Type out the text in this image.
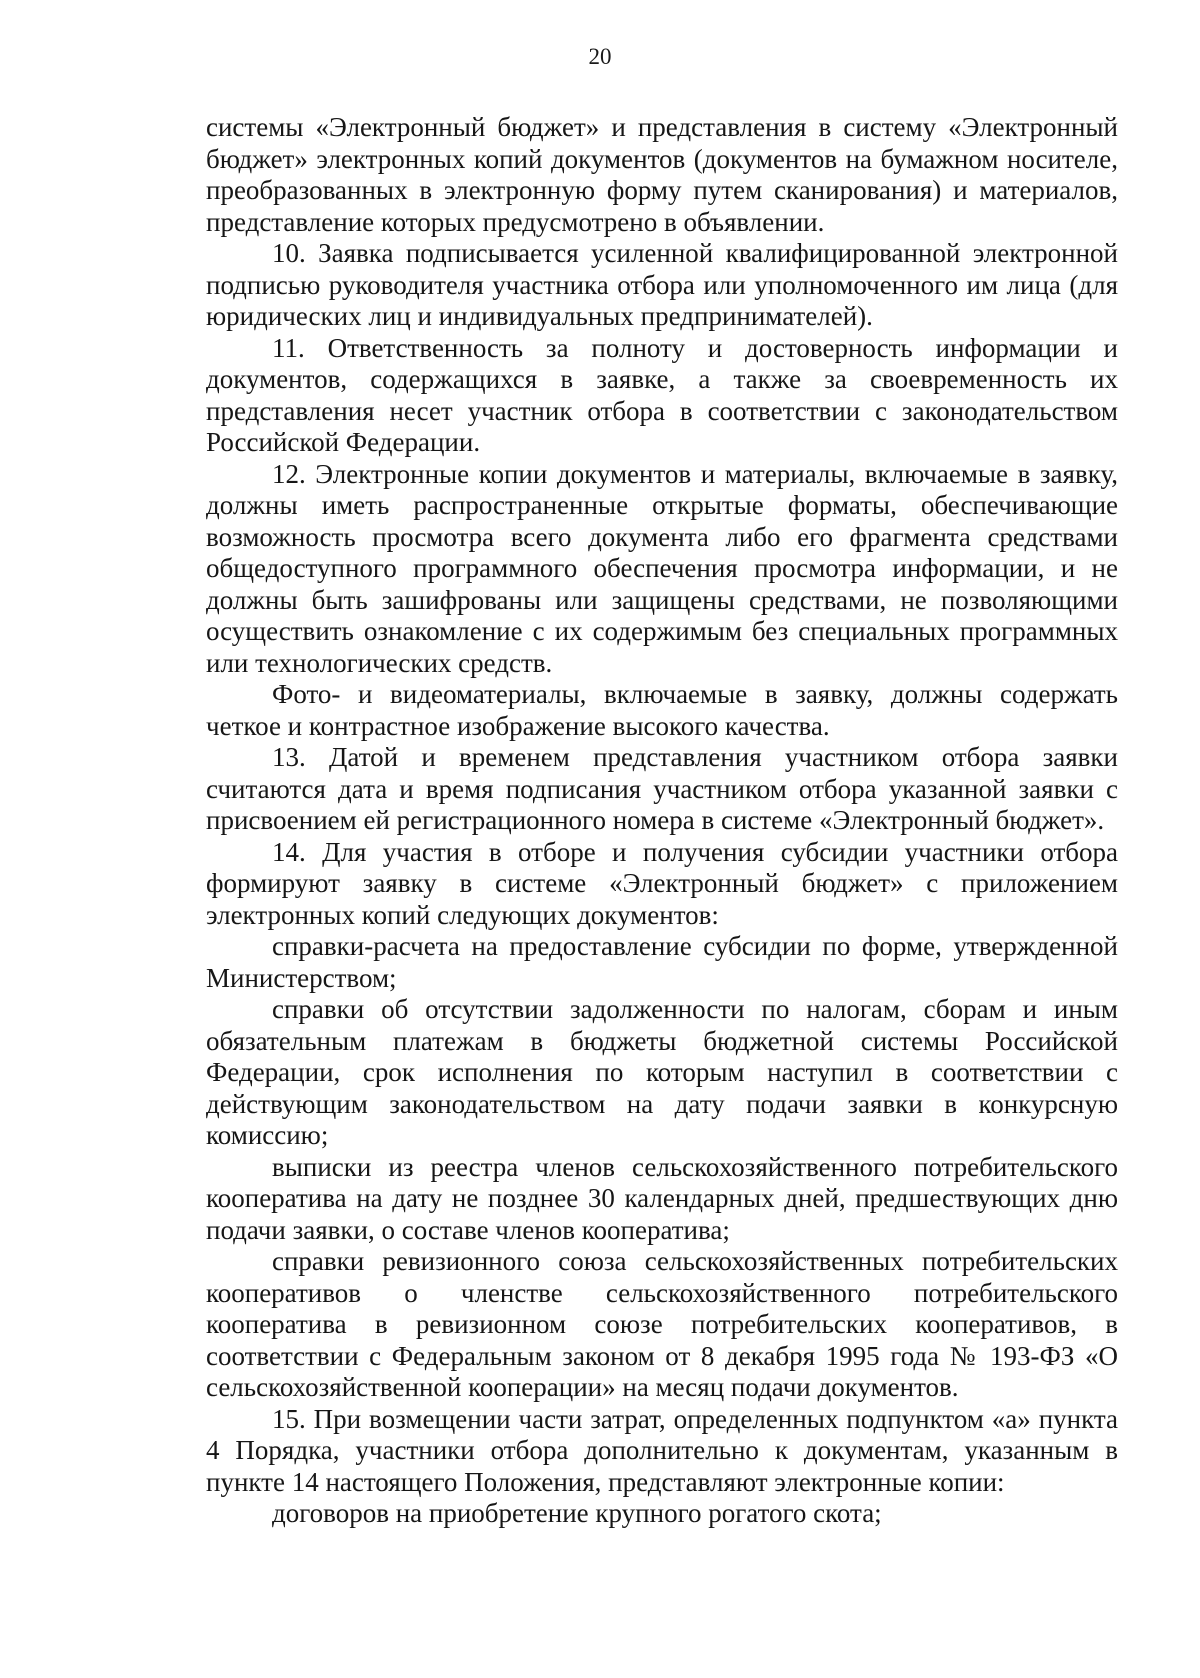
20

системы «Электронный бюджет» и представления в систему «Электронный бюджет» электронных копий документов (документов на бумажном носителе, преобразованных в электронную форму путем сканирования) и материалов, представление которых предусмотрено в объявлении.

10. Заявка подписывается усиленной квалифицированной электронной подписью руководителя участника отбора или уполномоченного им лица (для юридических лиц и индивидуальных предпринимателей).

11. Ответственность за полноту и достоверность информации и документов, содержащихся в заявке, а также за своевременность их представления несет участник отбора в соответствии с законодательством Российской Федерации.

12. Электронные копии документов и материалы, включаемые в заявку, должны иметь распространенные открытые форматы, обеспечивающие возможность просмотра всего документа либо его фрагмента средствами общедоступного программного обеспечения просмотра информации, и не должны быть зашифрованы или защищены средствами, не позволяющими осуществить ознакомление с их содержимым без специальных программных или технологических средств.

Фото- и видеоматериалы, включаемые в заявку, должны содержать четкое и контрастное изображение высокого качества.

13. Датой и временем представления участником отбора заявки считаются дата и время подписания участником отбора указанной заявки с присвоением ей регистрационного номера в системе «Электронный бюджет».

14. Для участия в отборе и получения субсидии участники отбора формируют заявку в системе «Электронный бюджет» с приложением электронных копий следующих документов:

справки-расчета на предоставление субсидии по форме, утвержденной Министерством;

справки об отсутствии задолженности по налогам, сборам и иным обязательным платежам в бюджеты бюджетной системы Российской Федерации, срок исполнения по которым наступил в соответствии с действующим законодательством на дату подачи заявки в конкурсную комиссию;

выписки из реестра членов сельскохозяйственного потребительского кооператива на дату не позднее 30 календарных дней, предшествующих дню подачи заявки, о составе членов кооператива;

справки ревизионного союза сельскохозяйственных потребительских кооперативов о членстве сельскохозяйственного потребительского кооператива в ревизионном союзе потребительских кооперативов, в соответствии с Федеральным законом от 8 декабря 1995 года № 193-ФЗ «О сельскохозяйственной кооперации» на месяц подачи документов.

15. При возмещении части затрат, определенных подпунктом «а» пункта 4 Порядка, участники отбора дополнительно к документам, указанным в пункте 14 настоящего Положения, представляют электронные копии:

договоров на приобретение крупного рогатого скота;
